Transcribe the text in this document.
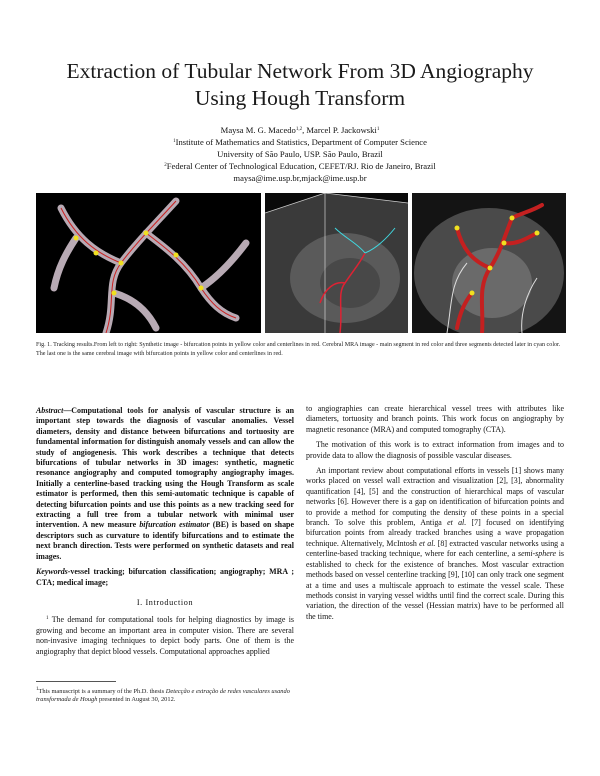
Extraction of Tubular Network From 3D Angiography Using Hough Transform
Maysa M. G. Macedo$^{1,2}$, Marcel P. Jackowski$^1$
$^1$Institute of Mathematics and Statistics, Department of Computer Science
University of São Paulo, USP. São Paulo, Brazil
$^2$Federal Center of Technological Education, CEFET/RJ. Rio de Janeiro, Brazil
maysa@ime.usp.br,mjack@ime.usp.br
Fig. 1. Tracking results.From left to right: Synthetic image - bifurcation points in yellow color and centerlines in red. Cerebral MRA image - main segment in red color and three segments detected later in cyan color. The last one is the same cerebral image with bifurcation points in yellow color and centerlines in red.

Abstract—Computational tools for analysis of vascular structure is an important step towards the diagnosis of vascular anomalies. Vessel diameters, density and distance between bifurcations and tortuosity are fundamental information for distinguish anomaly vessels and can allow the study of angiogenesis. This work describes a technique that detects bifurcations of tubular networks in 3D images: synthetic, magnetic resonance angiography and computed tomography angiography images. Initially a centerline-based tracking using the Hough Transform as scale estimator is performed, then this semi-automatic technique is capable of detecting bifurcation points and use this points as a new tracking seed for extracting a full tree from a tubular network with minimal user intervention. A new measure bifurcation estimator (BE) is based on shape descriptors such as curvature to identify bifurcations and to estimate the next branch direction. Tests were performed on synthetic datasets and real images.

Keywords-vessel tracking; bifurcation classification; angiography; MRA ; CTA; medical image;

I. Introduction

$^1$ The demand for computational tools for helping diagnostics by image is growing and become an important area in computer vision. There are several non-invasive imaging techniques to depict body parts. One of them is the angiography that depict blood vessels. Computational approaches applied

$^1$This manuscript is a summary of the Ph.D. thesis Detecção e extração de redes vasculares usando transformada de Hough presented in August 30, 2012.

to angiographies can create hierarchical vessel trees with attributes like diameters, tortuosity and branch points. This work focus on angiography by magnetic resonance (MRA) and computed tomography (CTA).

The motivation of this work is to extract information from images and to provide data to allow the diagnosis of possible vascular diseases.

An important review about computational efforts in vessels [1] shows many works placed on vessel wall extraction and visualization [2], [3], abnormality quantification [4], [5] and the construction of hierarchical maps of vascular networks [6]. However there is a gap on identification of bifurcation points and to provide a method for computing the density of these points in a special branch. To solve this problem, Antiga et al. [7] focused on identifying bifurcation points from already tracked branches using a wave propagation technique. Alternatively, McIntosh et al. [8] extracted vascular networks using a centerline-based tracking technique, where for each centerline, a semi-sphere is established to check for the existence of branches. Most vascular extraction methods based on vessel centerline tracking [9], [10] can only track one segment at a time and uses a multiscale approach to estimate the vessel scale. These methods consist in varying vessel widths until find the correct scale. During this variation, the direction of the vessel (Hessian matrix) have to be performed all the time.
